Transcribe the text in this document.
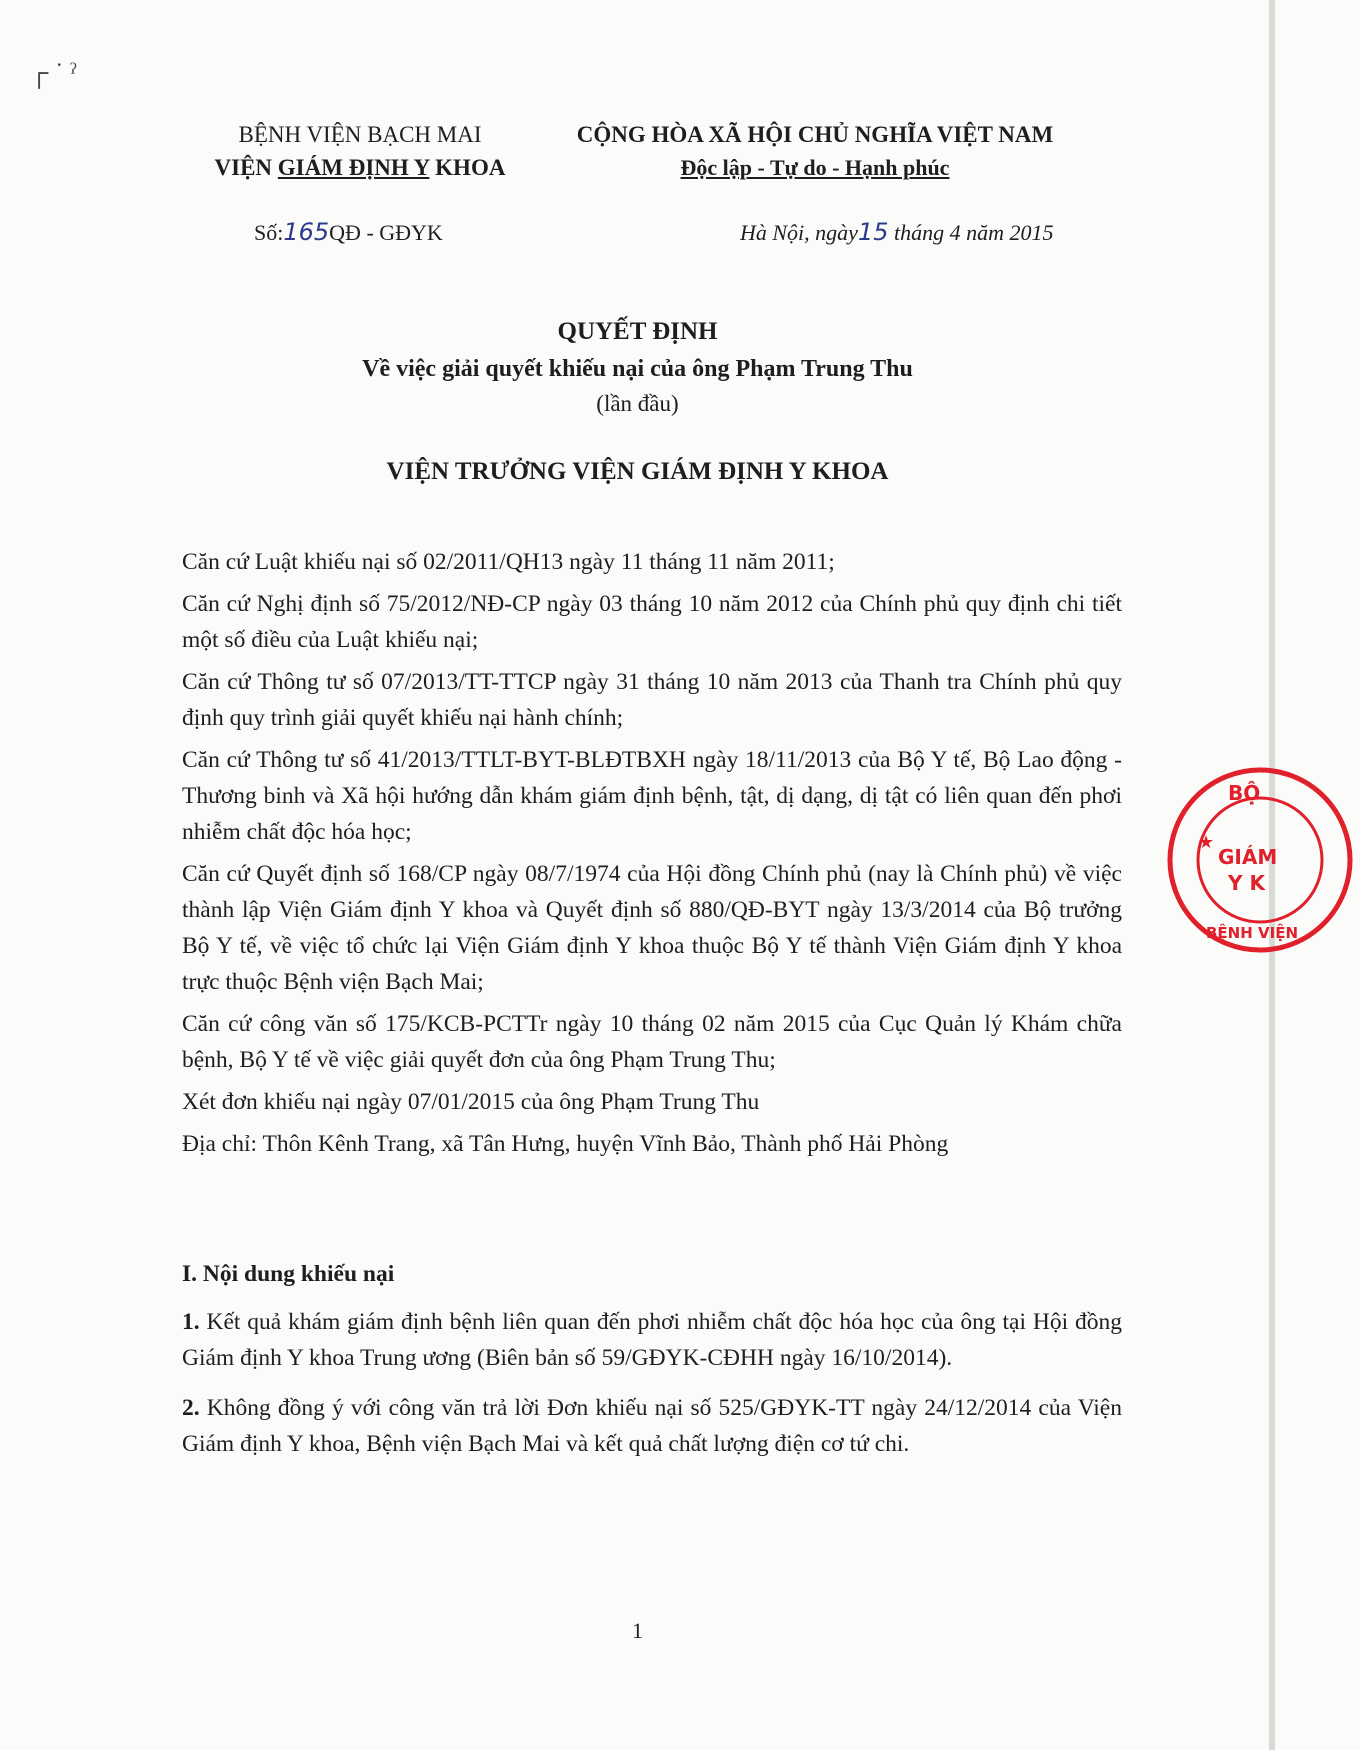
┌ ˙ ˀ
BỆNH VIỆN BẠCH MAI
VIỆN GIÁM ĐỊNH Y KHOA
Số:165QĐ - GĐYK
CỘNG HÒA XÃ HỘI CHỦ NGHĨA VIỆT NAM
Độc lập - Tự do - Hạnh phúc
Hà Nội, ngày15 tháng 4 năm 2015
QUYẾT ĐỊNH
Về việc giải quyết khiếu nại của ông Phạm Trung Thu
(lần đầu)
VIỆN TRƯỞNG VIỆN GIÁM ĐỊNH Y KHOA

Căn cứ Luật khiếu nại số 02/2011/QH13 ngày 11 tháng 11 năm 2011;

Căn cứ Nghị định số 75/2012/NĐ-CP ngày 03 tháng 10 năm 2012 của Chính phủ quy định chi tiết một số điều của Luật khiếu nại;

Căn cứ Thông tư số 07/2013/TT-TTCP ngày 31 tháng 10 năm 2013 của Thanh tra Chính phủ quy định quy trình giải quyết khiếu nại hành chính;

Căn cứ Thông tư số 41/2013/TTLT-BYT-BLĐTBXH ngày 18/11/2013 của Bộ Y tế, Bộ Lao động - Thương binh và Xã hội hướng dẫn khám giám định bệnh, tật, dị dạng, dị tật có liên quan đến phơi nhiễm chất độc hóa học;

Căn cứ Quyết định số 168/CP ngày 08/7/1974 của Hội đồng Chính phủ (nay là Chính phủ) về việc thành lập Viện Giám định Y khoa và Quyết định số 880/QĐ-BYT ngày 13/3/2014 của Bộ trưởng Bộ Y tế, về việc tổ chức lại Viện Giám định Y khoa thuộc Bộ Y tế thành Viện Giám định Y khoa trực thuộc Bệnh viện Bạch Mai;

Căn cứ công văn số 175/KCB-PCTTr ngày 10 tháng 02 năm 2015 của Cục Quản lý Khám chữa bệnh, Bộ Y tế về việc giải quyết đơn của ông Phạm Trung Thu;

Xét đơn khiếu nại ngày 07/01/2015 của ông Phạm Trung Thu

Địa chỉ: Thôn Kênh Trang, xã Tân Hưng, huyện Vĩnh Bảo, Thành phố Hải Phòng

I. Nội dung khiếu nại

1. Kết quả khám giám định bệnh liên quan đến phơi nhiễm chất độc hóa học của ông tại Hội đồng Giám định Y khoa Trung ương (Biên bản số 59/GĐYK-CĐHH ngày 16/10/2014).

2. Không đồng ý với công văn trả lời Đơn khiếu nại số 525/GĐYK-TT ngày 24/12/2014 của Viện Giám định Y khoa, Bệnh viện Bạch Mai và kết quả chất lượng điện cơ tứ chi.

1
BỘ
GIÁM
Y K
BỆNH VIỆN
★
